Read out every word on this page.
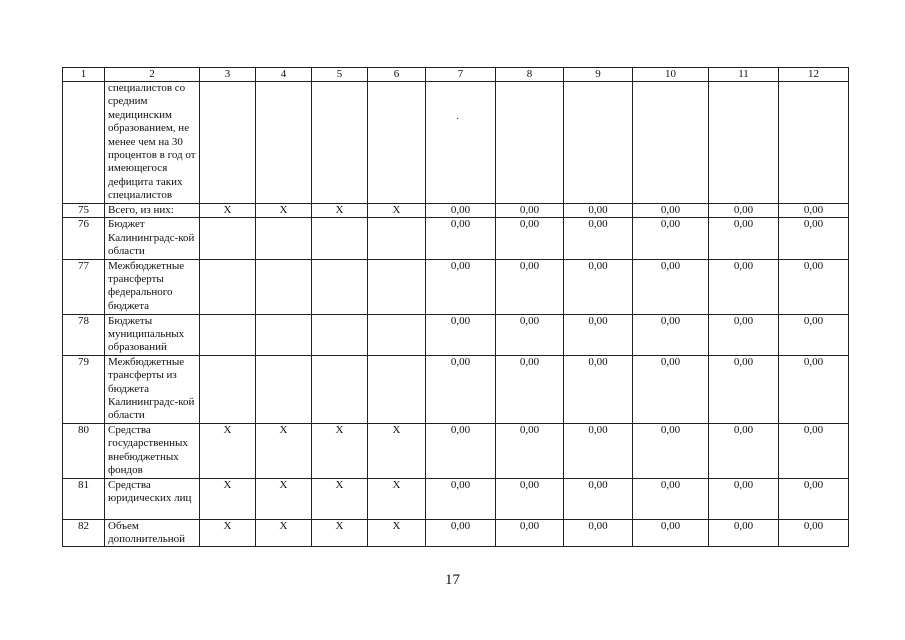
1	2	3	4	5	6	7	8	9	10	11	12
	специалистов со средним медицинским образованием, не менее чем на 30 процентов в год от имеющегося дефицита таких специалистов										
75	Всего, из них:	X	X	X	X	0,00	0,00	0,00	0,00	0,00	0,00
76	Бюджет Калининградс-кой области					0,00	0,00	0,00	0,00	0,00	0,00
77	Межбюджетные трансферты федерального бюджета					0,00	0,00	0,00	0,00	0,00	0,00
78	Бюджеты муниципальных образований					0,00	0,00	0,00	0,00	0,00	0,00
79	Межбюджетные трансферты из бюджета Калининградс-кой области					0,00	0,00	0,00	0,00	0,00	0,00
80	Средства государственных внебюджетных фондов	X	X	X	X	0,00	0,00	0,00	0,00	0,00	0,00
81	Средства юридических лиц	X	X	X	X	0,00	0,00	0,00	0,00	0,00	0,00
82	Объем дополнительной	X	X	X	X	0,00	0,00	0,00	0,00	0,00	0,00
·
17
